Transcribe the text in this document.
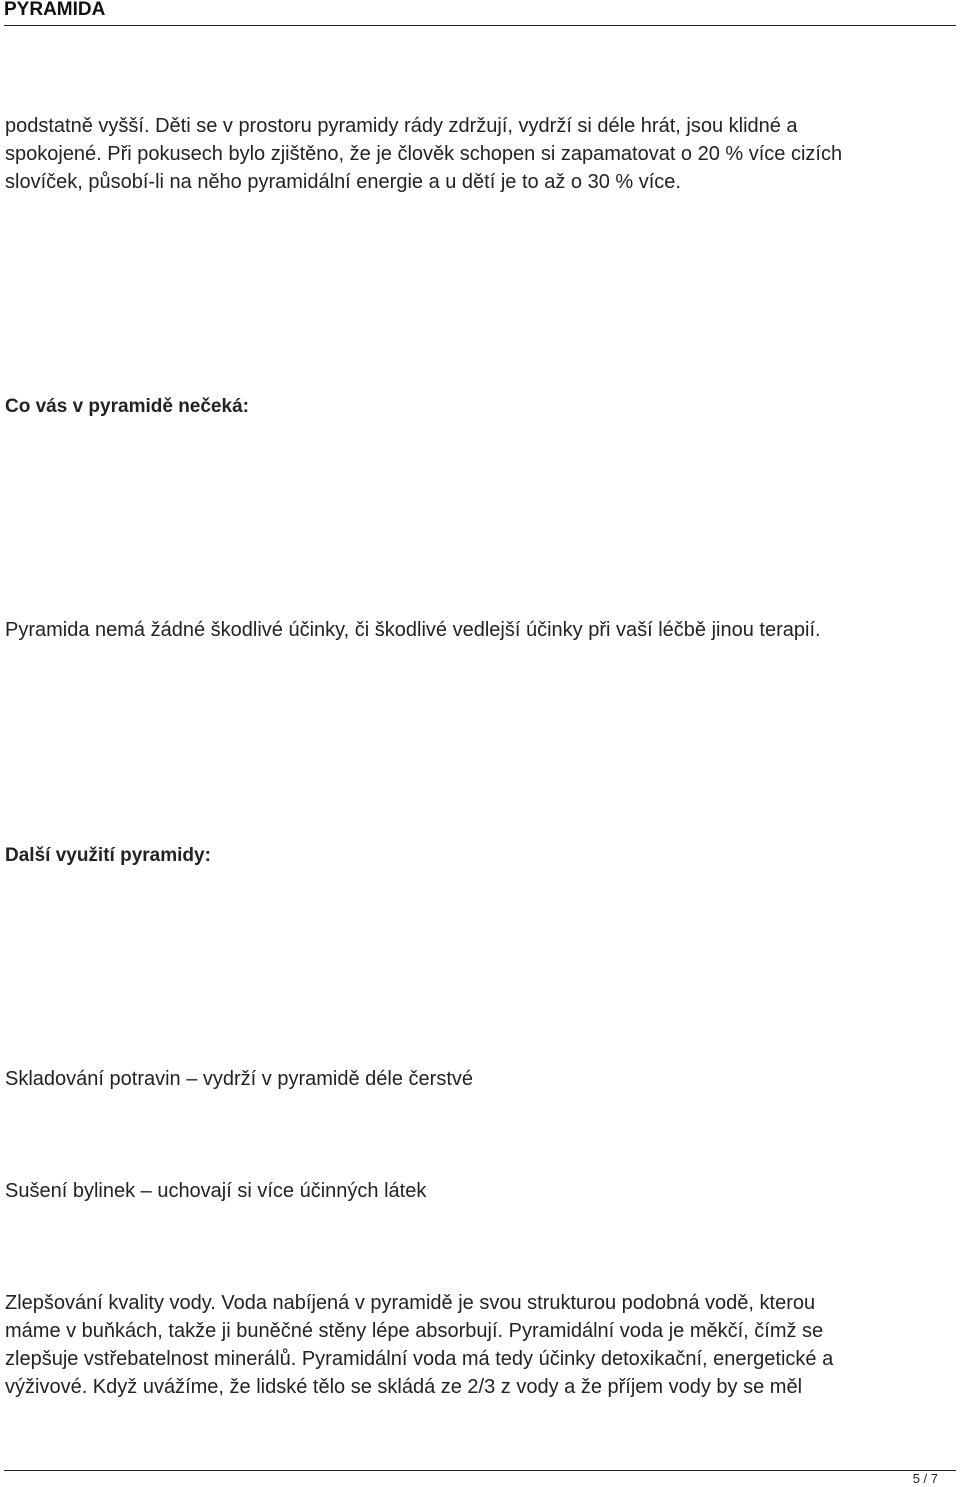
PYRAMIDA

podstatně vyšší. Děti se v prostoru pyramidy rády zdržují, vydrží si déle hrát, jsou klidné a
spokojené. Při pokusech bylo zjištěno, že je člověk schopen si zapamatovat o 20 % více cizích
slovíček, působí-li na něho pyramidální energie a u dětí je to až o 30 % více.

Co vás v pyramidě nečeká:

Pyramida nemá žádné škodlivé účinky, či škodlivé vedlejší účinky při vaší léčbě jinou terapií.

Další využití pyramidy:

Skladování potravin – vydrží v pyramidě déle čerstvé

Sušení bylinek – uchovají si více účinných látek

Zlepšování kvality vody. Voda nabíjená v pyramidě je svou strukturou podobná vodě, kterou
máme v buňkách, takže ji buněčné stěny lépe absorbují. Pyramidální voda je měkčí, čímž se
zlepšuje vstřebatelnost minerálů. Pyramidální voda má tedy účinky detoxikační, energetické a
výživové. Když uvážíme, že lidské tělo se skládá ze 2/3 z vody a že příjem vody by se měl

5 / 7
